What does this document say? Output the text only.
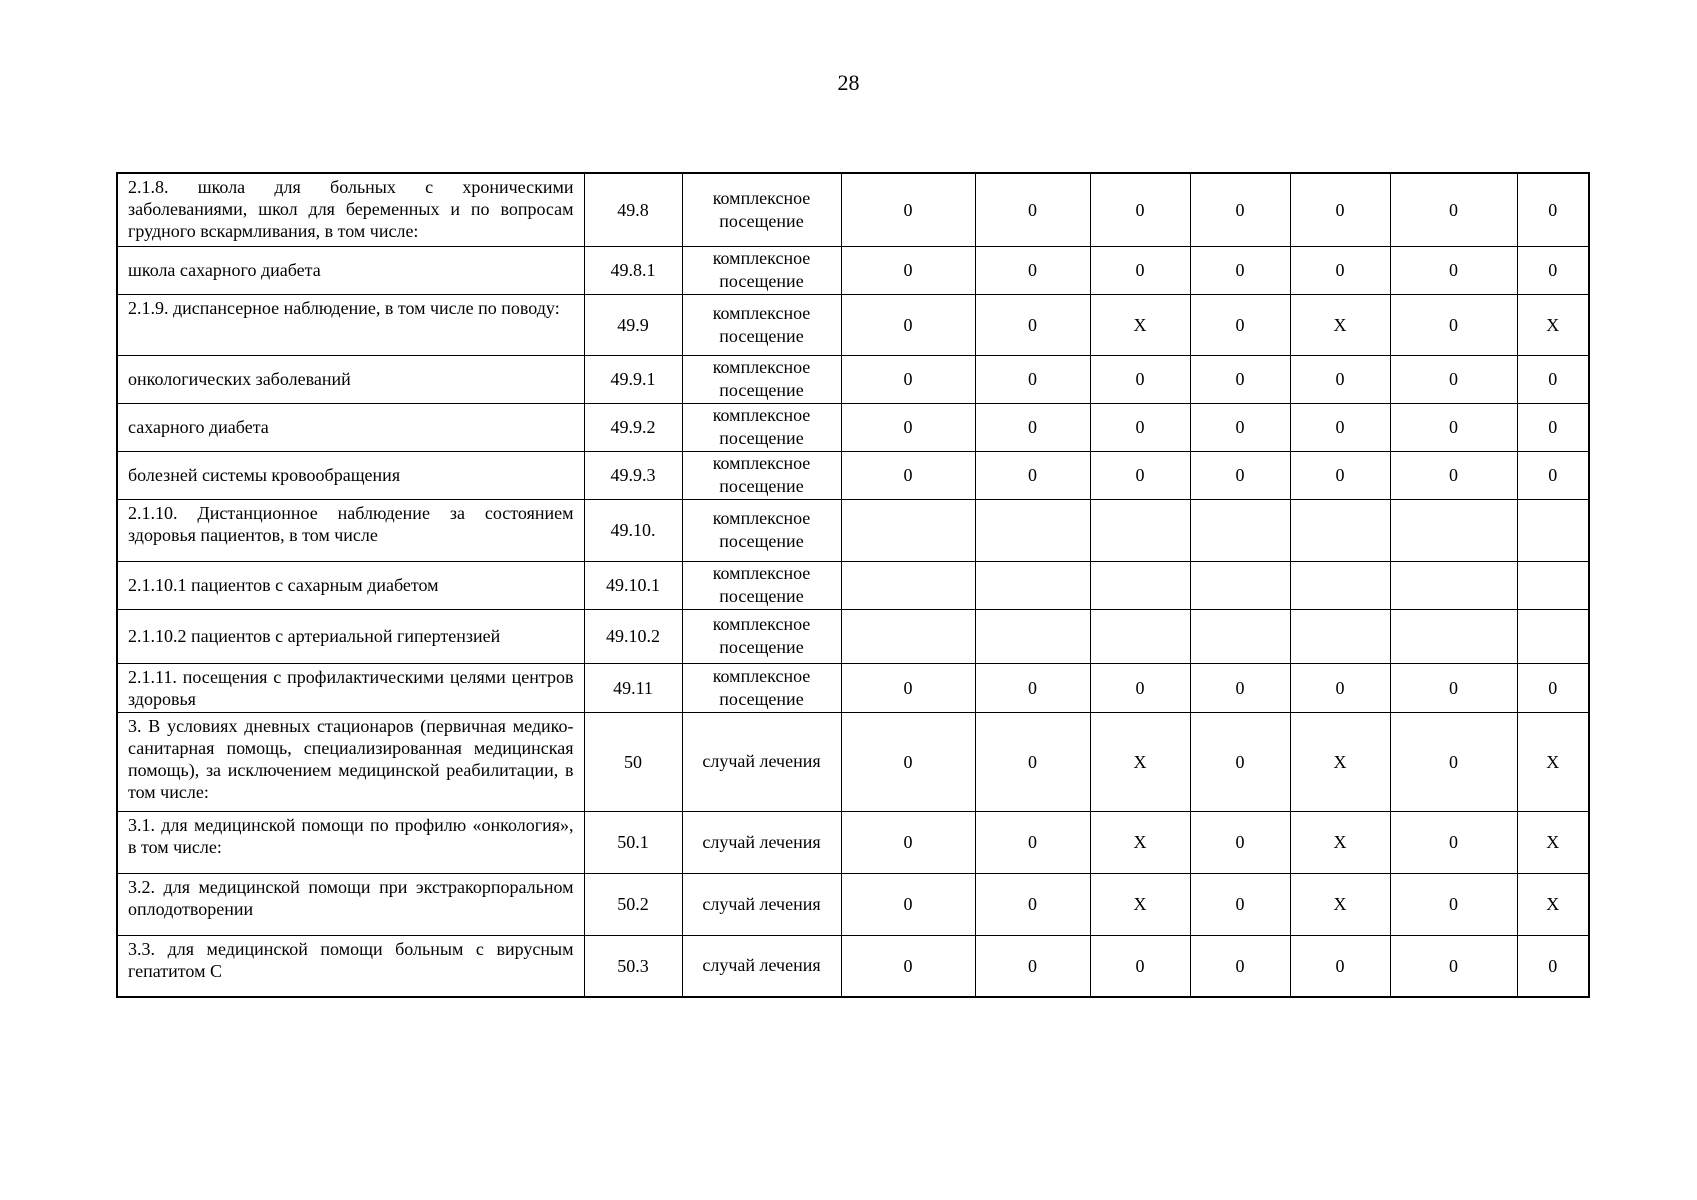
28
2.1.8. школа для больных с хроническими заболеваниями, школ для беременных и по вопросам грудного вскармливания, в том числе:	49.8	комплексное посещение	0	0	0	0	0	0	0
школа сахарного диабета	49.8.1	комплексное посещение	0	0	0	0	0	0	0
2.1.9. диспансерное наблюдение, в том числе по поводу:	49.9	комплексное посещение	0	0	X	0	X	0	X
онкологических заболеваний	49.9.1	комплексное посещение	0	0	0	0	0	0	0
сахарного диабета	49.9.2	комплексное посещение	0	0	0	0	0	0	0
болезней системы кровообращения	49.9.3	комплексное посещение	0	0	0	0	0	0	0
2.1.10. Дистанционное наблюдение за состоянием здоровья пациентов, в том числе	49.10.	комплексное посещение							
2.1.10.1 пациентов с сахарным диабетом	49.10.1	комплексное посещение							
2.1.10.2 пациентов с артериальной гипертензией	49.10.2	комплексное посещение							
2.1.11. посещения с профилактическими целями центров здоровья	49.11	комплексное посещение	0	0	0	0	0	0	0
3. В условиях дневных стационаров (первичная медико-санитарная помощь, специализированная медицинская помощь), за исключением медицинской реабилитации, в том числе:	50	случай лечения	0	0	X	0	X	0	X
3.1. для медицинской помощи по профилю «онкология», в том числе:	50.1	случай лечения	0	0	X	0	X	0	X
3.2. для медицинской помощи при экстракорпоральном оплодотворении	50.2	случай лечения	0	0	X	0	X	0	X
3.3. для медицинской помощи больным с вирусным гепатитом С	50.3	случай лечения	0	0	0	0	0	0	0
